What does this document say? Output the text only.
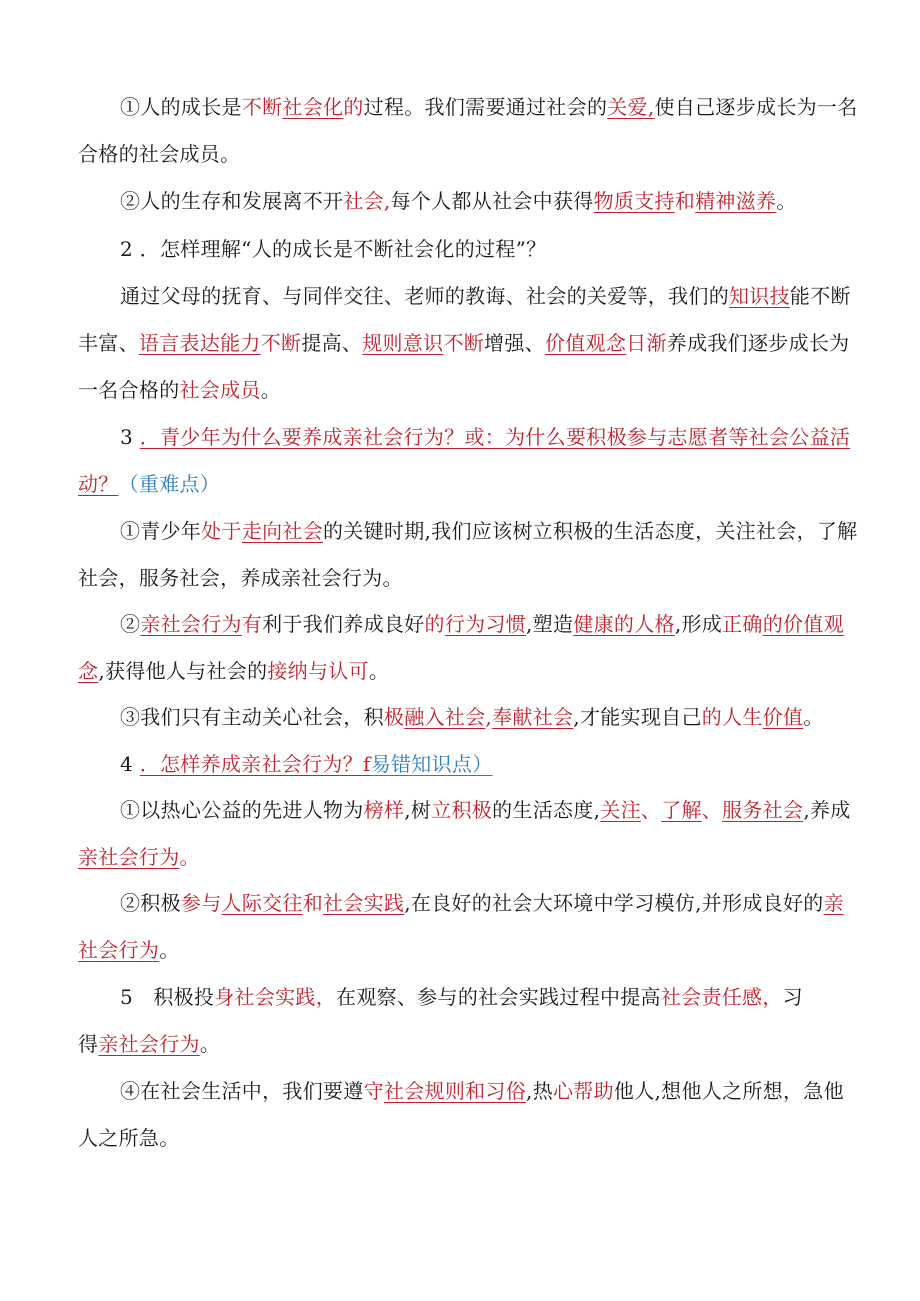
①人的成长是不断社会化的过程。我们需要通过社会的关爱,使自己逐步成长为一名
合格的社会成员。
②人的生存和发展离不开社会,每个人都从社会中获得物质支持和精神滋养。
2 ．怎样理解“人的成长是不断社会化的过程”？
通过父母的抚育、与同伴交往、老师的教诲、社会的关爱等，我们的知识技能不断
丰富、语言表达能力不断提高、规则意识不断增强、价值观念日渐养成我们逐步成长为
一名合格的社会成员。
3 ．青少年为什么要养成亲社会行为？或：为什么要积极参与志愿者等社会公益活
动？（重难点）
①青少年处于走向社会的关键时期,我们应该树立积极的生活态度，关注社会，了解
社会，服务社会，养成亲社会行为。
②亲社会行为有利于我们养成良好的行为习惯,塑造健康的人格,形成正确的价值观
念,获得他人与社会的接纳与认可。
③我们只有主动关心社会，积极融入社会,奉献社会,才能实现自己的人生价值。
4 ．怎样养成亲社会行为？f易错知识点）
①以热心公益的先进人物为榜样,树立积极的生活态度,关注、了解、服务社会,养成
亲社会行为。
②积极参与人际交往和社会实践,在良好的社会大环境中学习模仿,并形成良好的亲
社会行为。
5　积极投身社会实践，在观察、参与的社会实践过程中提高社会责任感，习
得亲社会行为。
④在社会生活中，我们要遵守社会规则和习俗,热心帮助他人,想他人之所想，急他
人之所急。
